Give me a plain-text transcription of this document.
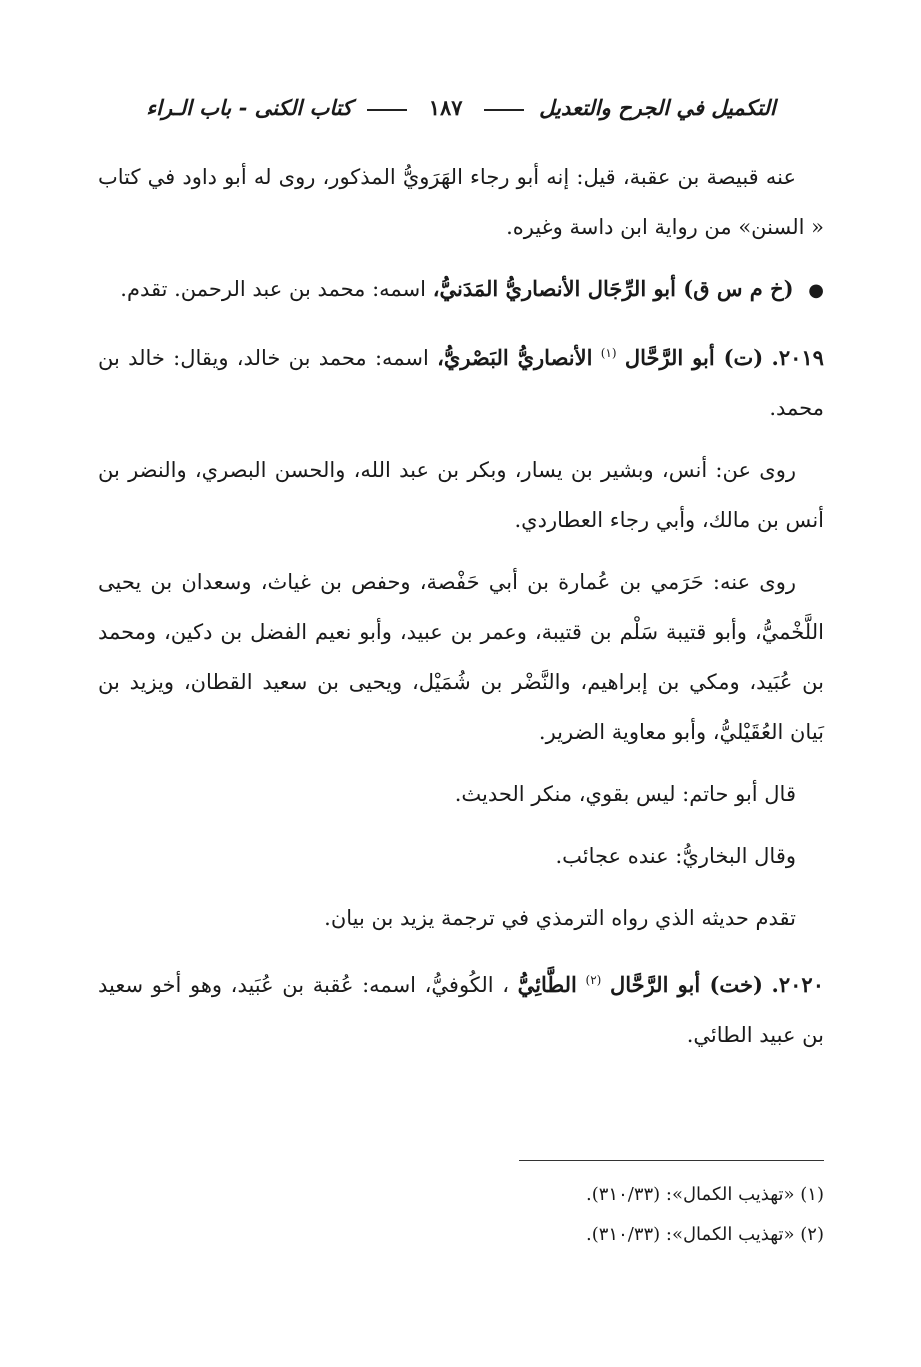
التكميل في الجرح والتعديل  ١٨٧  كتاب الكنى - باب الـراء

عنه قبيصة بن عقبة، قيل: إنه أبو رجاء الهَرَويُّ المذكور، روى له أبو داود في كتاب « السنن» من رواية ابن داسة وغيره.

● (خ م س ق) أبو الرِّجَال الأنصاريُّ المَدَنيُّ، اسمه: محمد بن عبد الرحمن. تقدم.

٢٠١٩. (ت) أبو الرَّحَّال $^{(١)}$ الأنصاريُّ البَصْريُّ، اسمه: محمد بن خالد، ويقال: خالد بن محمد.

روى عن: أنس، وبشير بن يسار، وبكر بن عبد الله، والحسن البصري، والنضر بن أنس بن مالك، وأبي رجاء العطاردي.

روى عنه: حَرَمي بن عُمارة بن أبي حَفْصة، وحفص بن غياث، وسعدان بن يحيى اللَّخْميُّ، وأبو قتيبة سَلْم بن قتيبة، وعمر بن عبيد، وأبو نعيم الفضل بن دكين، ومحمد بن عُبَيد، ومكي بن إبراهيم، والنَّضْر بن شُمَيْل، ويحيى بن سعيد القطان، ويزيد بن بَيان العُقَيْليُّ، وأبو معاوية الضرير.

قال أبو حاتم: ليس بقوي، منكر الحديث.

وقال البخاريُّ: عنده عجائب.

تقدم حديثه الذي رواه الترمذي في ترجمة يزيد بن بيان.

٢٠٢٠. (خت) أبو الرَّحَّال $^{(٢)}$ الطَّائِيُّ ، الكُوفيُّ، اسمه: عُقبة بن عُبَيد، وهو أخو سعيد بن عبيد الطائي.

(١) «تهذيب الكمال»: (٣١٠/٣٣).
(٢) «تهذيب الكمال»: (٣١٠/٣٣).
